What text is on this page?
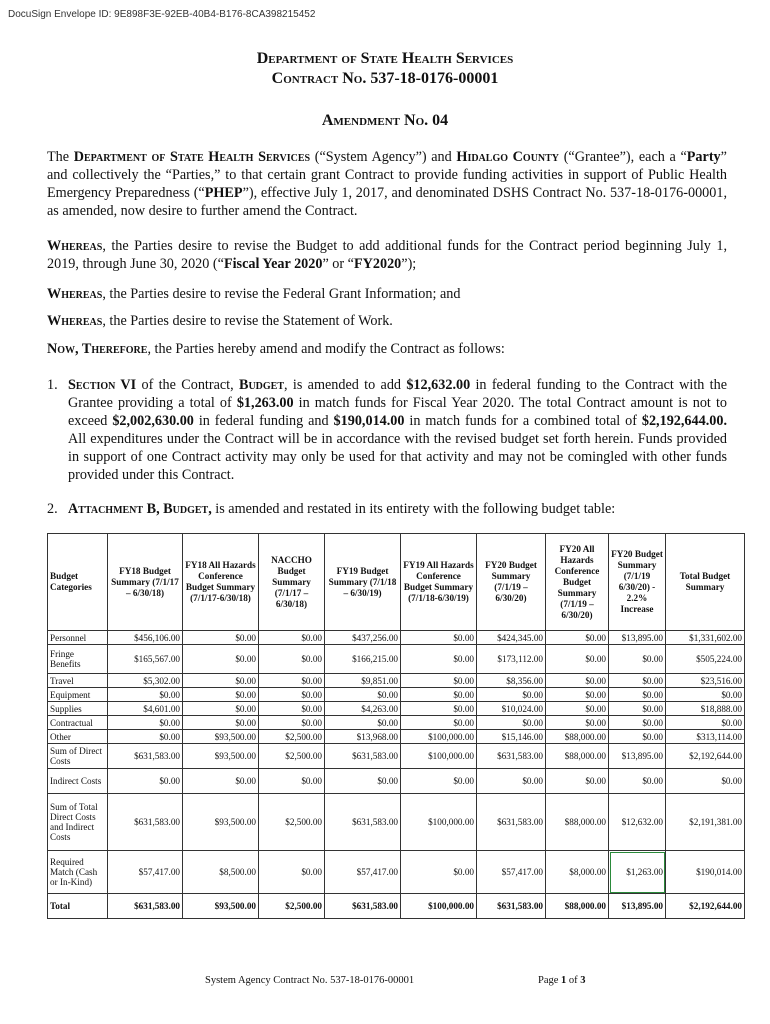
DocuSign Envelope ID: 9E898F3E-92EB-40B4-B176-8CA398215452
Department of State Health Services
Contract No. 537-18-0176-00001
Amendment No. 04
The Department of State Health Services (“System Agency”) and Hidalgo County (“Grantee”), each a “Party” and collectively the “Parties,” to that certain grant Contract to provide funding activities in support of Public Health Emergency Preparedness (“PHEP”), effective July 1, 2017, and denominated DSHS Contract No. 537-18-0176-00001, as amended, now desire to further amend the Contract.
Whereas, the Parties desire to revise the Budget to add additional funds for the Contract period beginning July 1, 2019, through June 30, 2020 (“Fiscal Year 2020” or “FY2020”);
Whereas, the Parties desire to revise the Federal Grant Information; and
Whereas, the Parties desire to revise the Statement of Work.
Now, Therefore, the Parties hereby amend and modify the Contract as follows:
1. Section VI of the Contract, Budget, is amended to add $12,632.00 in federal funding to the Contract with the Grantee providing a total of $1,263.00 in match funds for Fiscal Year 2020. The total Contract amount is not to exceed $2,002,630.00 in federal funding and $190,014.00 in match funds for a combined total of $2,192,644.00. All expenditures under the Contract will be in accordance with the revised budget set forth herein. Funds provided in support of one Contract activity may only be used for that activity and may not be comingled with other funds provided under this Contract.
2. Attachment B, Budget, is amended and restated in its entirety with the following budget table:
Budget Categories	FY18 Budget Summary (7/1/17 – 6/30/18)	FY18 All Hazards Conference Budget Summary (7/1/17-6/30/18)	NACCHO Budget Summary (7/1/17 – 6/30/18)	FY19 Budget Summary (7/1/18 – 6/30/19)	FY19 All Hazards Conference Budget Summary (7/1/18-6/30/19)	FY20 Budget Summary (7/1/19 – 6/30/20)	FY20 All Hazards Conference Budget Summary (7/1/19 – 6/30/20)	FY20 Budget Summary (7/1/19 6/30/20) - 2.2% Increase	Total Budget Summary
Personnel	$456,106.00	$0.00	$0.00	$437,256.00	$0.00	$424,345.00	$0.00	$13,895.00	$1,331,602.00
Fringe Benefits	$165,567.00	$0.00	$0.00	$166,215.00	$0.00	$173,112.00	$0.00	$0.00	$505,224.00
Travel	$5,302.00	$0.00	$0.00	$9,851.00	$0.00	$8,356.00	$0.00	$0.00	$23,516.00
Equipment	$0.00	$0.00	$0.00	$0.00	$0.00	$0.00	$0.00	$0.00	$0.00
Supplies	$4,601.00	$0.00	$0.00	$4,263.00	$0.00	$10,024.00	$0.00	$0.00	$18,888.00
Contractual	$0.00	$0.00	$0.00	$0.00	$0.00	$0.00	$0.00	$0.00	$0.00
Other	$0.00	$93,500.00	$2,500.00	$13,968.00	$100,000.00	$15,146.00	$88,000.00	$0.00	$313,114.00
Sum of Direct Costs	$631,583.00	$93,500.00	$2,500.00	$631,583.00	$100,000.00	$631,583.00	$88,000.00	$13,895.00	$2,192,644.00
Indirect Costs	$0.00	$0.00	$0.00	$0.00	$0.00	$0.00	$0.00	$0.00	$0.00
Sum of Total Direct Costs and Indirect Costs	$631,583.00	$93,500.00	$2,500.00	$631,583.00	$100,000.00	$631,583.00	$88,000.00	$12,632.00	$2,191,381.00
Required Match (Cash or In-Kind)	$57,417.00	$8,500.00	$0.00	$57,417.00	$0.00	$57,417.00	$8,000.00	$1,263.00	$190,014.00
Total	$631,583.00	$93,500.00	$2,500.00	$631,583.00	$100,000.00	$631,583.00	$88,000.00	$13,895.00	$2,192,644.00
System Agency Contract No. 537-18-0176-00001	Page 1 of 3
